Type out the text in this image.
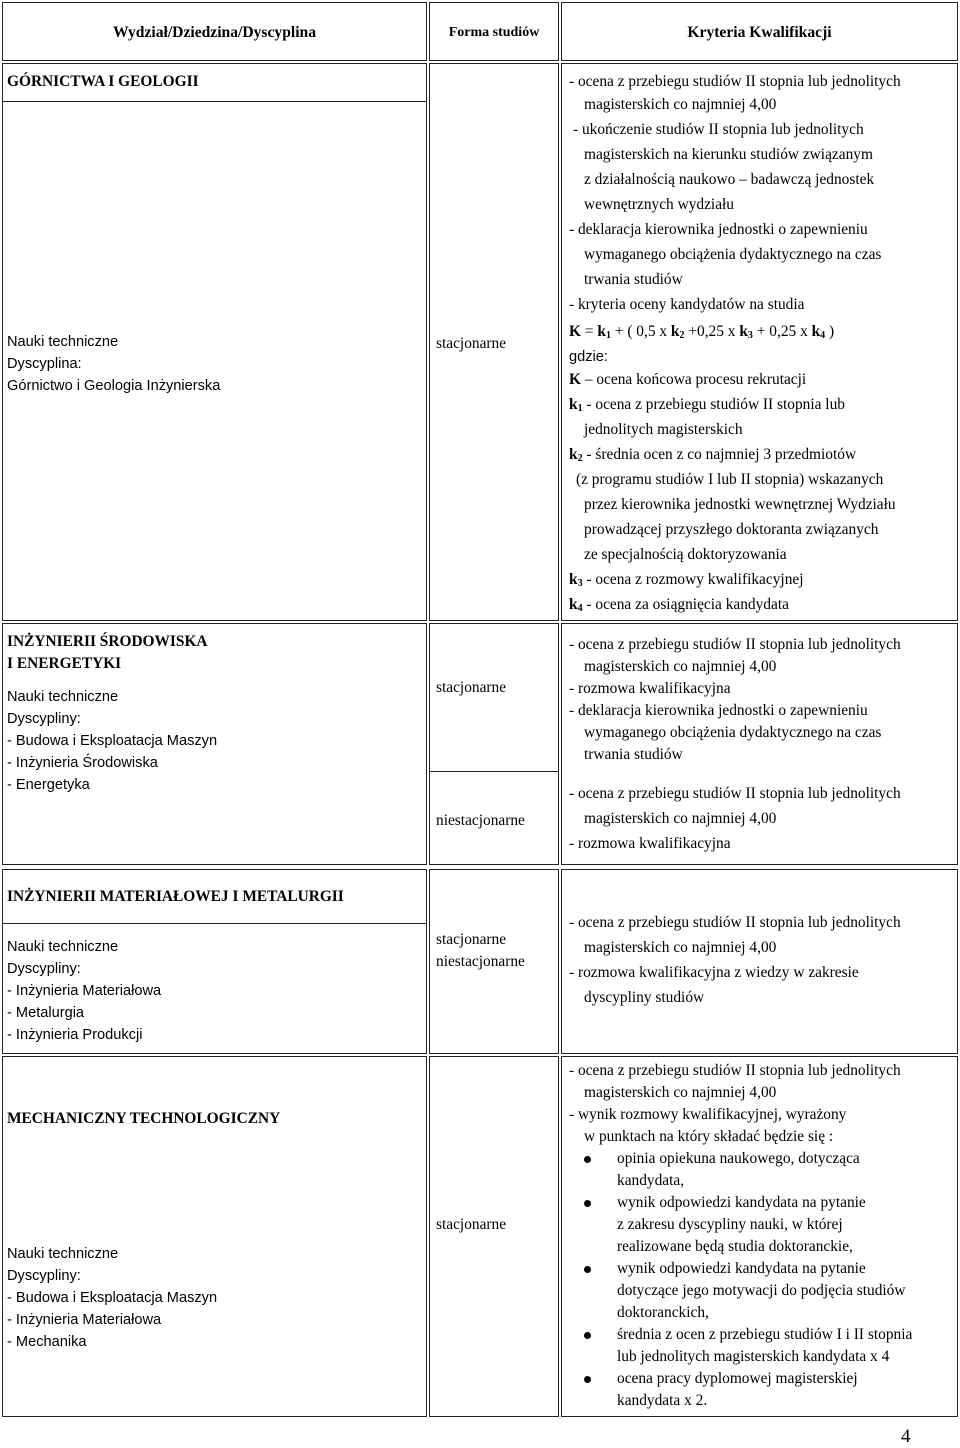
Wydział/Dziedzina/Dyscyplina	Forma studiów	Kryteria Kwalifikacji
GÓRNICTWA I GEOLOGII
Nauki techniczne
Dyscyplina:
Górnictwo i Geologia Inżynierska
stacjonarne
- ocena z przebiegu studiów II stopnia lub jednolitych
magisterskich co najmniej 4,00
- ukończenie studiów II stopnia lub jednolitych
magisterskich na kierunku studiów związanym
z działalnością naukowo – badawczą jednostek
wewnętrznych wydziału
- deklaracja kierownika jednostki o zapewnieniu
wymaganego obciążenia dydaktycznego na czas
trwania studiów
- kryteria oceny kandydatów na studia
$K = k_1$ + ( 0,5 x $k_2 +0,25$ x $k_3 + 0,25$ x $k_4$ )
gdzie:
K – ocena końcowa procesu rekrutacji
$k_1$ - ocena z przebiegu studiów II stopnia lub
jednolitych magisterskich
$k_2$ - średnia ocen z co najmniej 3 przedmiotów
(z programu studiów I lub II stopnia) wskazanych
przez kierownika jednostki wewnętrznej Wydziału
prowadzącej przyszłego doktoranta związanych
ze specjalnością doktoryzowania
$k_3$ - ocena z rozmowy kwalifikacyjnej
$k_4$ - ocena za osiągnięcia kandydata
INŻYNIERII ŚRODOWISKA
I ENERGETYKI
Nauki techniczne
Dyscypliny:
- Budowa i Eksploatacja Maszyn
- Inżynieria Środowiska
- Energetyka
stacjonarne
niestacjonarne
- ocena z przebiegu studiów II stopnia lub jednolitych
magisterskich co najmniej 4,00
- rozmowa kwalifikacyjna
- deklaracja kierownika jednostki o zapewnieniu
wymaganego obciążenia dydaktycznego na czas
trwania studiów
- ocena z przebiegu studiów II stopnia lub jednolitych
magisterskich co najmniej 4,00
- rozmowa kwalifikacyjna
INŻYNIERII MATERIAŁOWEJ I METALURGII
Nauki techniczne
Dyscypliny:
- Inżynieria Materiałowa
- Metalurgia
- Inżynieria Produkcji
stacjonarne
niestacjonarne
- ocena z przebiegu studiów II stopnia lub jednolitych
magisterskich co najmniej 4,00
- rozmowa kwalifikacyjna z wiedzy w zakresie
dyscypliny studiów
MECHANICZNY TECHNOLOGICZNY
Nauki techniczne
Dyscypliny:
- Budowa i Eksploatacja Maszyn
- Inżynieria Materiałowa
- Mechanika
stacjonarne
- ocena z przebiegu studiów II stopnia lub jednolitych
magisterskich co najmniej 4,00
- wynik rozmowy kwalifikacyjnej, wyrażony
w punktach na który składać będzie się :
opinia opiekuna naukowego, dotycząca
kandydata,
wynik odpowiedzi kandydata na pytanie
z zakresu dyscypliny nauki, w której
realizowane będą studia doktoranckie,
wynik odpowiedzi kandydata na pytanie
dotyczące jego motywacji do podjęcia studiów
doktoranckich,
średnia z ocen z przebiegu studiów I i II stopnia
lub jednolitych magisterskich kandydata x 4
ocena pracy dyplomowej magisterskiej
kandydata x 2.
4
